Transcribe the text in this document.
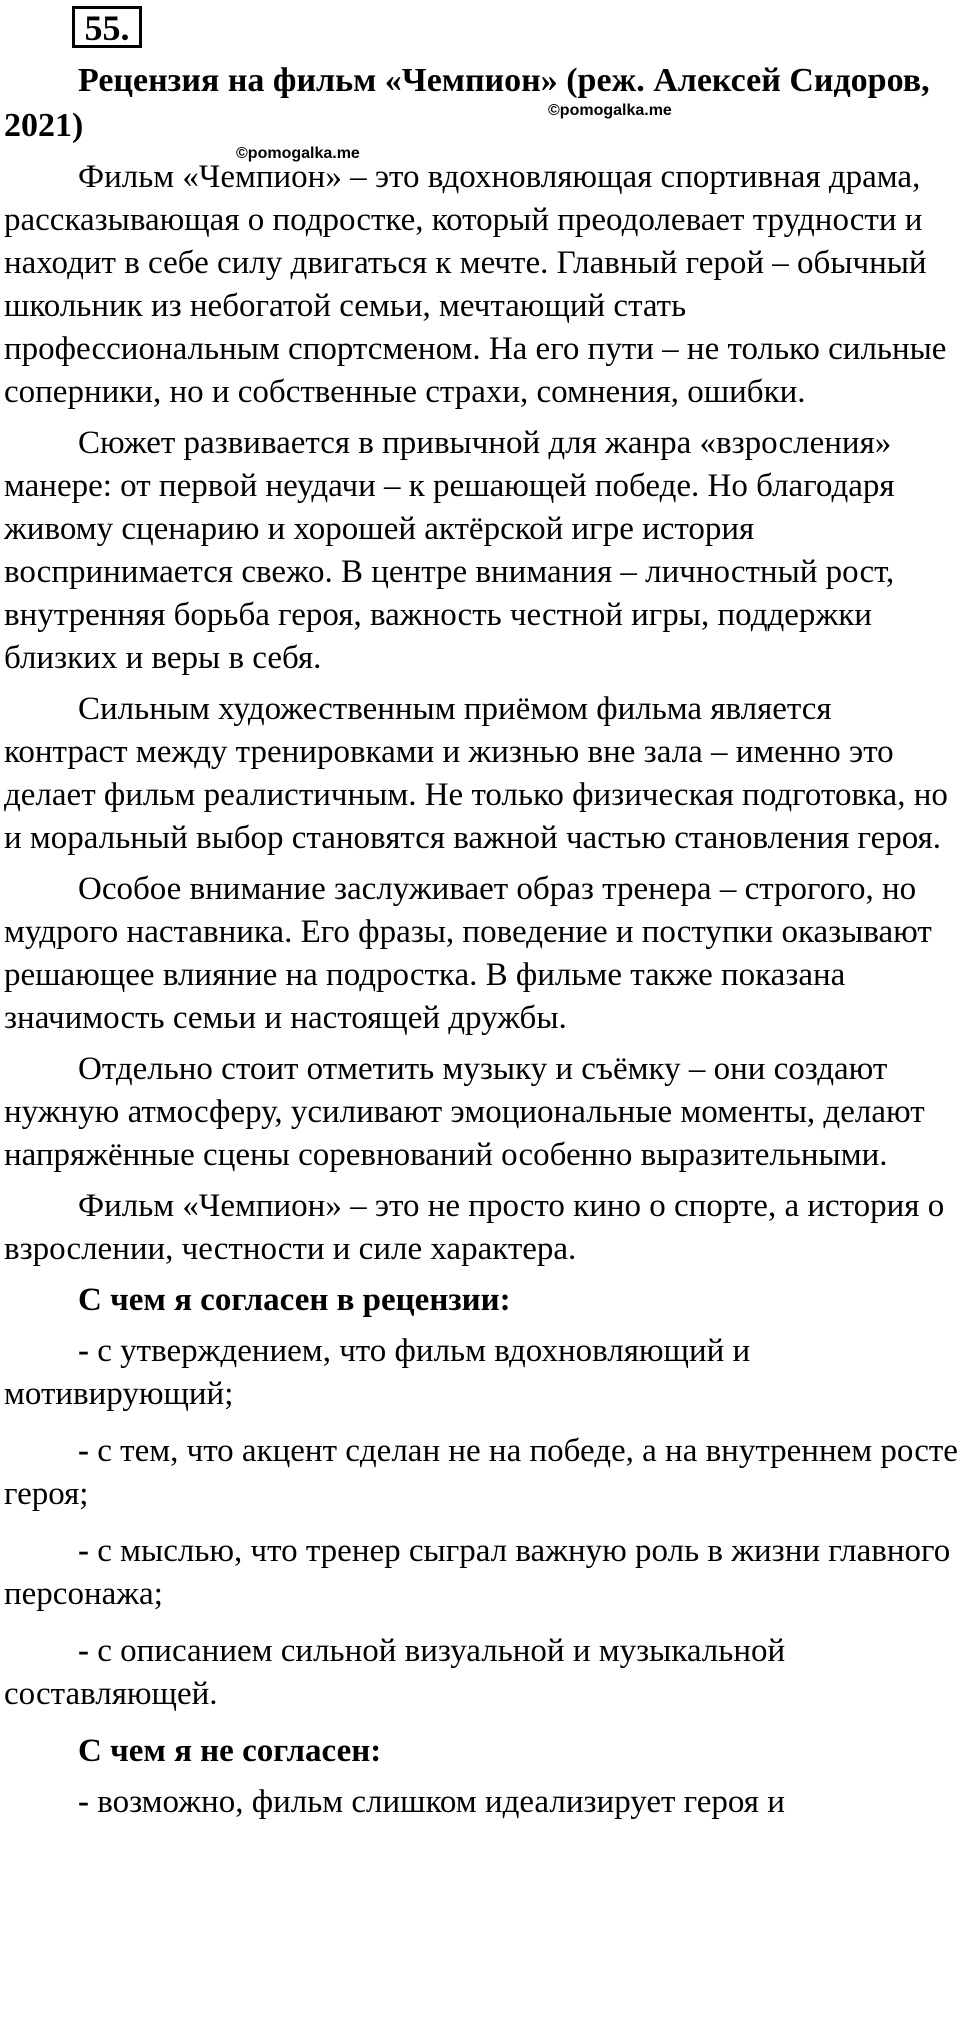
55.

Рецензия на фильм «Чемпион» (реж. Алексей Сидоров, 2021)	©pomogalka.me
©pomogalka.me

Фильм «Чемпион» – это вдохновляющая спортивная драма, рассказывающая о подростке, который преодолевает трудности и находит в себе силу двигаться к мечте. Главный герой – обычный школьник из небогатой семьи, мечтающий стать профессиональным спортсменом. На его пути – не только сильные соперники, но и собственные страхи, сомнения, ошибки.

Сюжет развивается в привычной для жанра «взросления» манере: от первой неудачи – к решающей победе. Но благодаря живому сценарию и хорошей актёрской игре история воспринимается свежо. В центре внимания – личностный рост, внутренняя борьба героя, важность честной игры, поддержки близких и веры в себя.

Сильным художественным приёмом фильма является контраст между тренировками и жизнью вне зала – именно это делает фильм реалистичным. Не только физическая подготовка, но и моральный выбор становятся важной частью становления героя.

Особое внимание заслуживает образ тренера – строгого, но мудрого наставника. Его фразы, поведение и поступки оказывают решающее влияние на подростка. В фильме также показана значимость семьи и настоящей дружбы.

Отдельно стоит отметить музыку и съёмку – они создают нужную атмосферу, усиливают эмоциональные моменты, делают напряжённые сцены соревнований особенно выразительными.

Фильм «Чемпион» – это не просто кино о спорте, а история о взрослении, честности и силе характера.

С чем я согласен в рецензии:

- с утверждением, что фильм вдохновляющий и мотивирующий;

- с тем, что акцент сделан не на победе, а на внутреннем росте героя;

- с мыслью, что тренер сыграл важную роль в жизни главного персонажа;

- с описанием сильной визуальной и музыкальной составляющей.

С чем я не согласен:

- возможно, фильм слишком идеализирует героя и
